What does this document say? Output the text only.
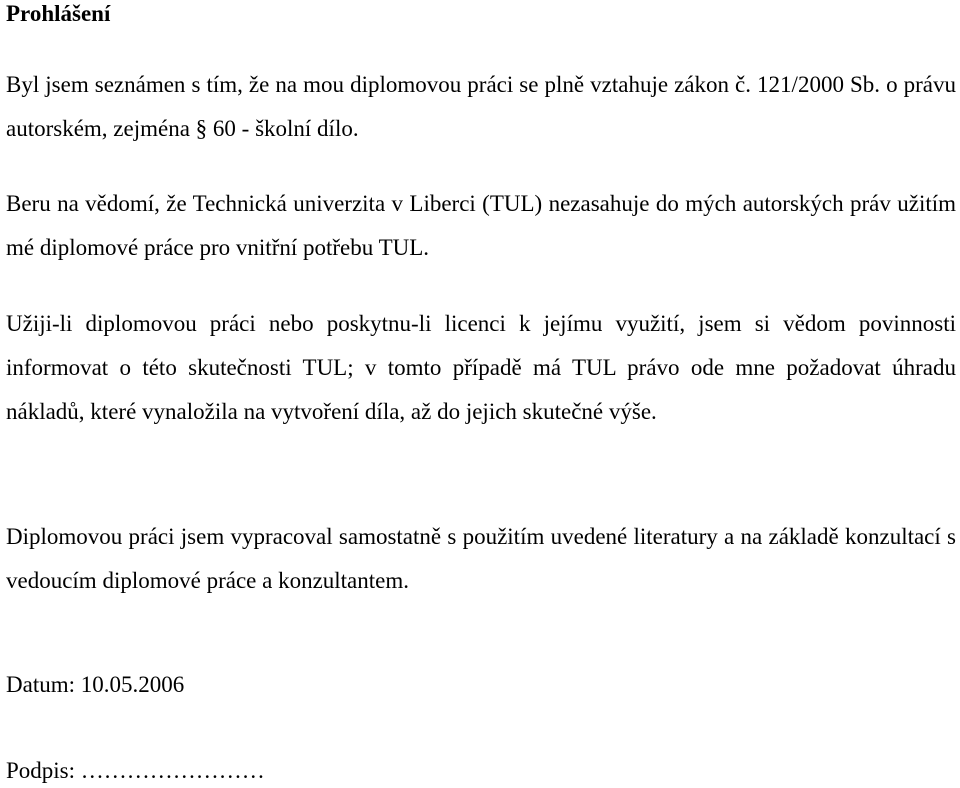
Prohlášení

Byl jsem seznámen s tím, že na mou diplomovou práci se plně vztahuje zákon č. 121/2000 Sb. o právu autorském, zejména § 60 - školní dílo.

Beru na vědomí, že Technická univerzita v Liberci (TUL) nezasahuje do mých autorských práv užitím mé diplomové práce pro vnitřní potřebu TUL.

Užiji-li diplomovou práci nebo poskytnu-li licenci k jejímu využití, jsem si vědom povinnosti informovat o této skutečnosti TUL; v tomto případě má TUL právo ode mne požadovat úhradu nákladů, které vynaložila na vytvoření díla, až do jejich skutečné výše.

Diplomovou práci jsem vypracoval samostatně s použitím uvedené literatury a na základě konzultací s vedoucím diplomové práce a konzultantem.

Datum: 10.05.2006
Podpis: ……………………
